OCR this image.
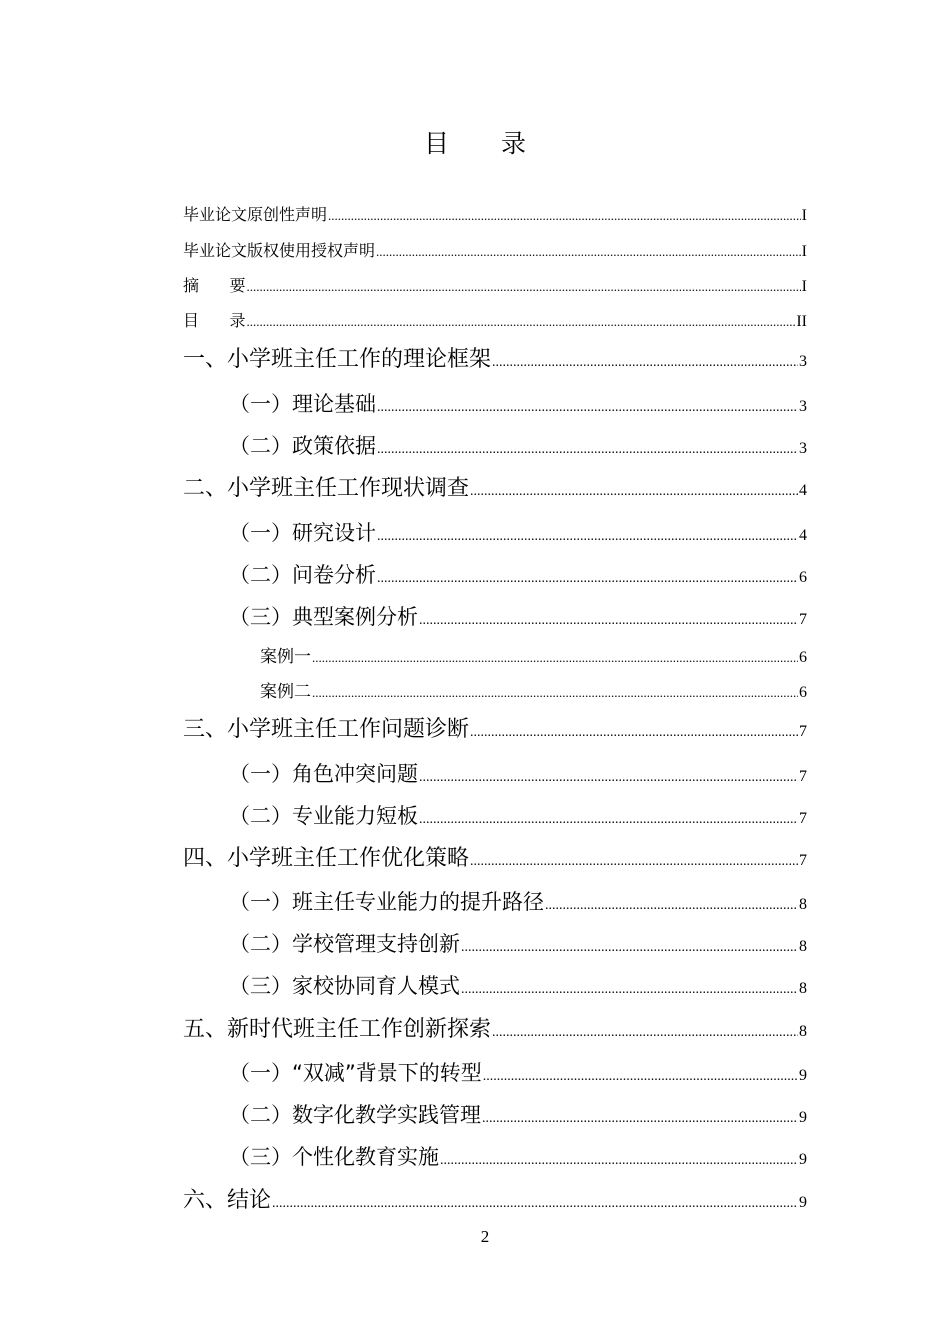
目 录
毕业论文原创性声明 .....	I
毕业论文版权使用授权声明 .....	I
摘      要 .....	I
目      录 .....	II
一、 小学班主任工作的理论框架 .....	3
（一） 理论基础 .....	3
（二） 政策依据 .....	3
二、 小学班主任工作现状调查 .....	4
（一） 研究设计 .....	4
（二） 问卷分析 .....	6
（三） 典型案例分析 .....	7
案例一 .....	6
案例二 .....	6
三、 小学班主任工作问题诊断 .....	7
（一） 角色冲突问题 .....	7
（二） 专业能力短板 .....	7
四、 小学班主任工作优化策略 .....	7
（一） 班主任专业能力的提升路径 .....	8
（二） 学校管理支持创新 .....	8
（三） 家校协同育人模式 .....	8
五、 新时代班主任工作创新探索 .....	8
（一） “双减”背景下的转型 .....	9
（二） 数字化教学实践管理 .....	9
（三） 个性化教育实施 .....	9
六、 结论 .....	9
2
